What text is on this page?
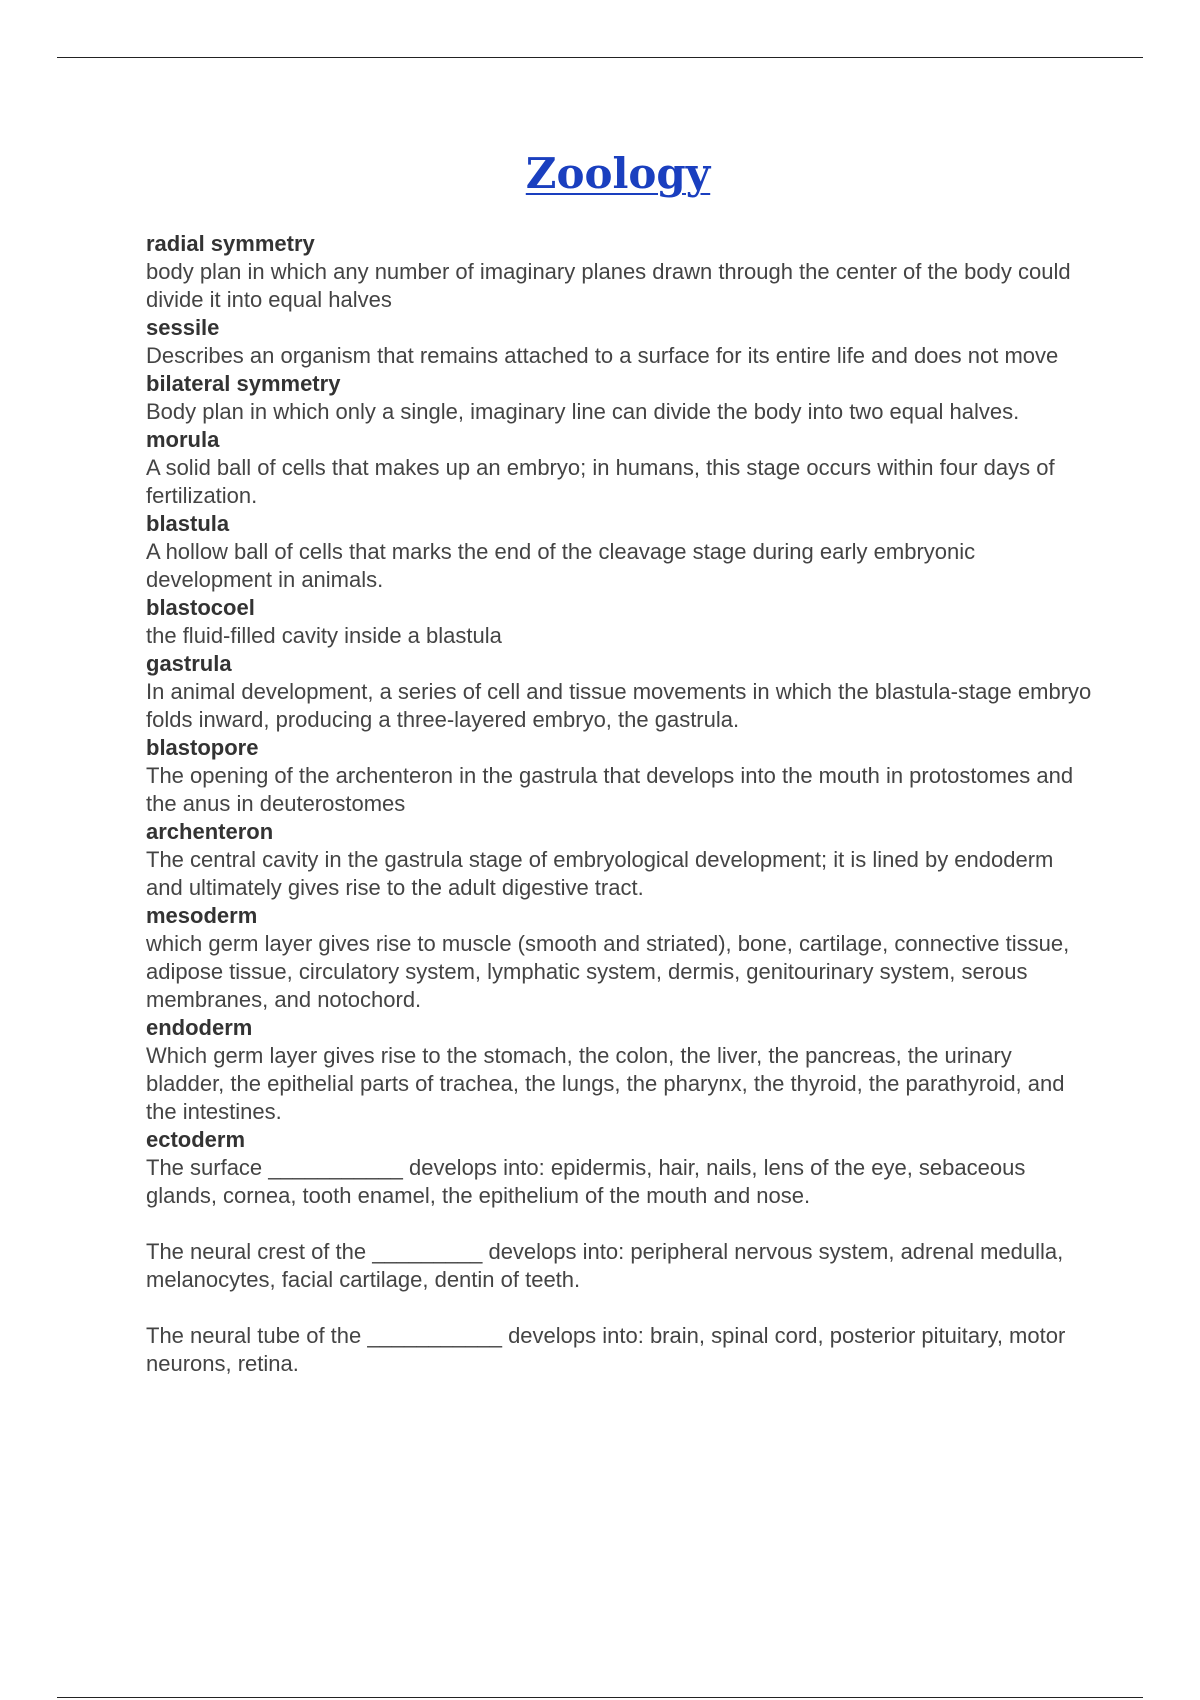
Zoology
radial symmetry
body plan in which any number of imaginary planes drawn through the center of the body could divide it into equal halves
sessile
Describes an organism that remains attached to a surface for its entire life and does not move
bilateral symmetry
Body plan in which only a single, imaginary line can divide the body into two equal halves.
morula
A solid ball of cells that makes up an embryo; in humans, this stage occurs within four days of fertilization.
blastula
A hollow ball of cells that marks the end of the cleavage stage during early embryonic development in animals.
blastocoel
the fluid-filled cavity inside a blastula
gastrula
In animal development, a series of cell and tissue movements in which the blastula-stage embryo folds inward, producing a three-layered embryo, the gastrula.
blastopore
The opening of the archenteron in the gastrula that develops into the mouth in protostomes and the anus in deuterostomes
archenteron
The central cavity in the gastrula stage of embryological development; it is lined by endoderm and ultimately gives rise to the adult digestive tract.
mesoderm
which germ layer gives rise to muscle (smooth and striated), bone, cartilage, connective tissue, adipose tissue, circulatory system, lymphatic system, dermis, genitourinary system, serous membranes, and notochord.
endoderm
Which germ layer gives rise to the stomach, the colon, the liver, the pancreas, the urinary bladder, the epithelial parts of trachea, the lungs, the pharynx, the thyroid, the parathyroid, and the intestines.
ectoderm

The surface ___________ develops into: epidermis, hair, nails, lens of the eye, sebaceous glands, cornea, tooth enamel, the epithelium of the mouth and nose.

The neural crest of the _________ develops into: peripheral nervous system, adrenal medulla, melanocytes, facial cartilage, dentin of teeth.

The neural tube of the ___________ develops into: brain, spinal cord, posterior pituitary, motor neurons, retina.
